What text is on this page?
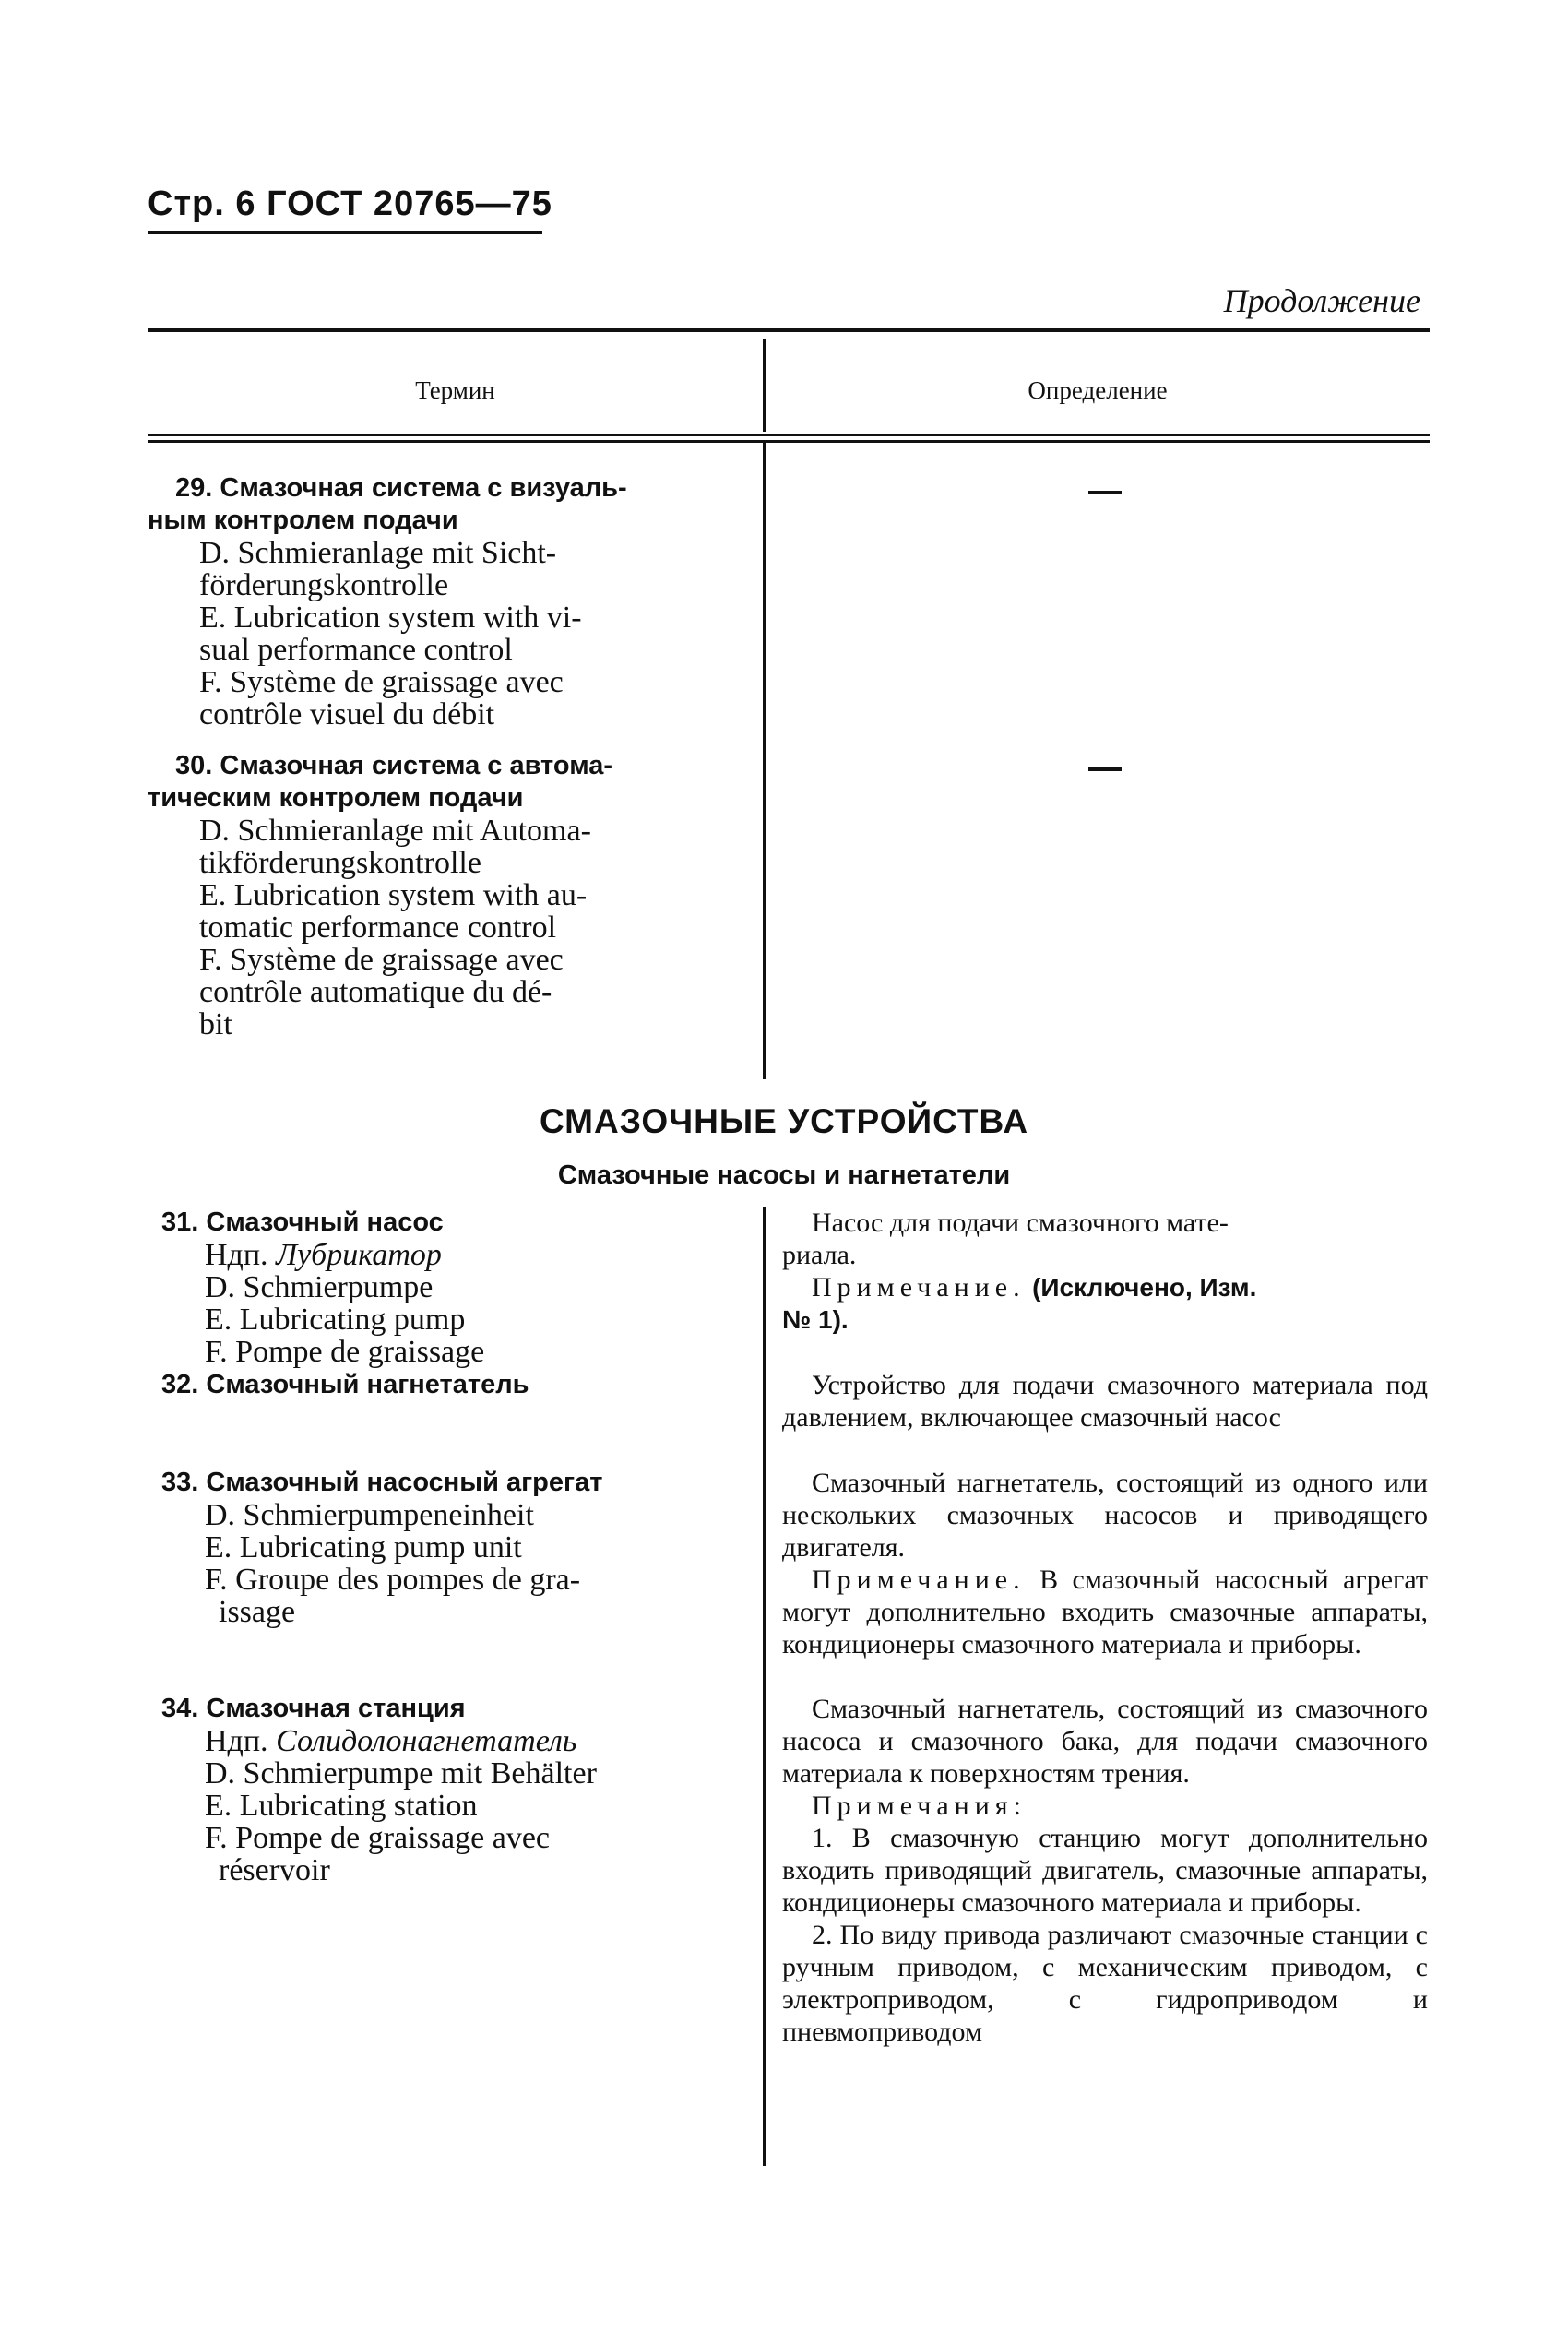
Стр. 6 ГОСТ 20765—75
Продолжение
Термин	Определение
29. Смазочная система с визуаль-
ным контролем подачи
D. Schmieranlage mit Sicht-
förderungskontrolle
E. Lubrication system with vi-
sual performance control
F. Système de graissage avec
contrôle visuel du débit
30. Смазочная система с автома-
тическим контролем подачи
D. Schmieranlage mit Automa-
tikförderungskontrolle
E. Lubrication system with au-
tomatic performance control
F. Système de graissage avec
contrôle automatique du dé-
bit
СМАЗОЧНЫЕ УСТРОЙСТВА
Смазочные насосы и нагнетатели
31. Смазочный насос
Ндп. Лубрикатор
D. Schmierpumpe
E. Lubricating pump
F. Pompe de graissage

Насос для подачи смазочного мате-

риала.

Примечание. (Исключено, Изм.

№ 1).

32. Смазочный нагнетатель	Устройство для подачи смазочного материала под давлением, включающее смазочный насос

33. Смазочный насосный агрегат
D. Schmierpumpeneinheit
E. Lubricating pump unit
F. Groupe des pompes de gra-
issage

Смазочный нагнетатель, состоящий из одного или нескольких смазочных насосов и приводящего двигателя.

Примечание. В смазочный насосный агрегат могут дополнительно входить смазочные аппараты, кондиционеры смазочного материала и приборы.

34. Смазочная станция
Ндп. Солидолонагнетатель
D. Schmierpumpe mit Behälter
E. Lubricating station
F. Pompe de graissage avec
réservoir

Смазочный нагнетатель, состоящий из смазочного насоса и смазочного бака, для подачи смазочного материала к поверхностям трения.

Примечания:

1. В смазочную станцию могут дополнительно входить приводящий двигатель, смазочные аппараты, кондиционеры смазочного материала и приборы.

2. По виду привода различают смазочные станции с ручным приводом, с механическим приводом, с электроприводом, с гидроприводом и пневмоприводом
